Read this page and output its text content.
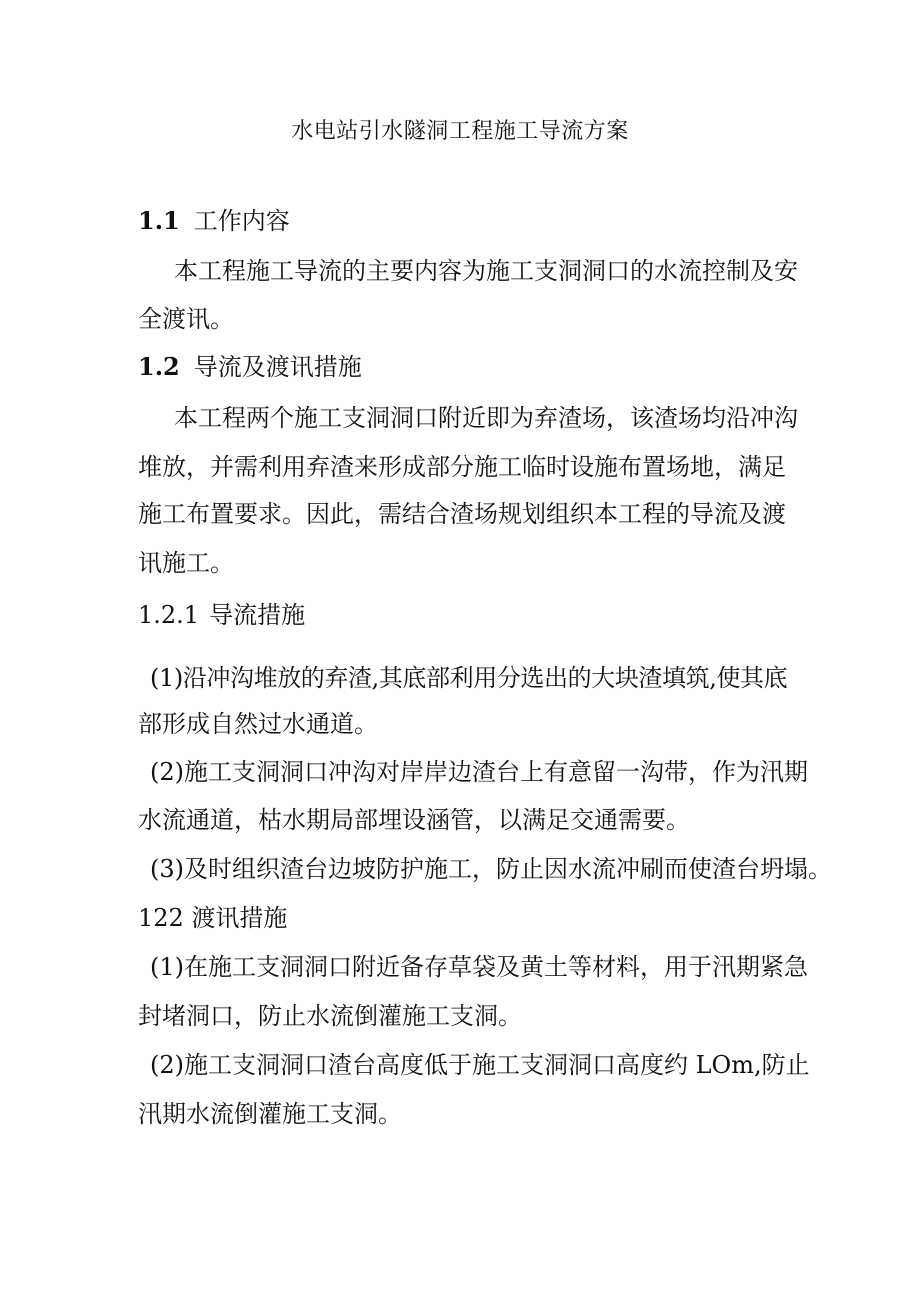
水电站引水隧洞工程施工导流方案
1.1 工作内容
本工程施工导流的主要内容为施工支洞洞口的水流控制及安
全渡讯。
1.2 导流及渡讯措施
本工程两个施工支洞洞口附近即为弃渣场，该渣场均沿冲沟
堆放，并需利用弃渣来形成部分施工临时设施布置场地，满足
施工布置要求。因此，需结合渣场规划组织本工程的导流及渡
讯施工。
1.2.1 导流措施
(1)沿冲沟堆放的弃渣,其底部利用分选出的大块渣填筑,使其底
部形成自然过水通道。
(2)施工支洞洞口冲沟对岸岸边渣台上有意留一沟带，作为汛期
水流通道，枯水期局部埋设涵管，以满足交通需要。
(3)及时组织渣台边坡防护施工，防止因水流冲刷而使渣台坍塌。
122 渡讯措施
(1)在施工支洞洞口附近备存草袋及黄土等材料，用于汛期紧急
封堵洞口，防止水流倒灌施工支洞。
(2)施工支洞洞口渣台高度低于施工支洞洞口高度约 LOm,防止
汛期水流倒灌施工支洞。
